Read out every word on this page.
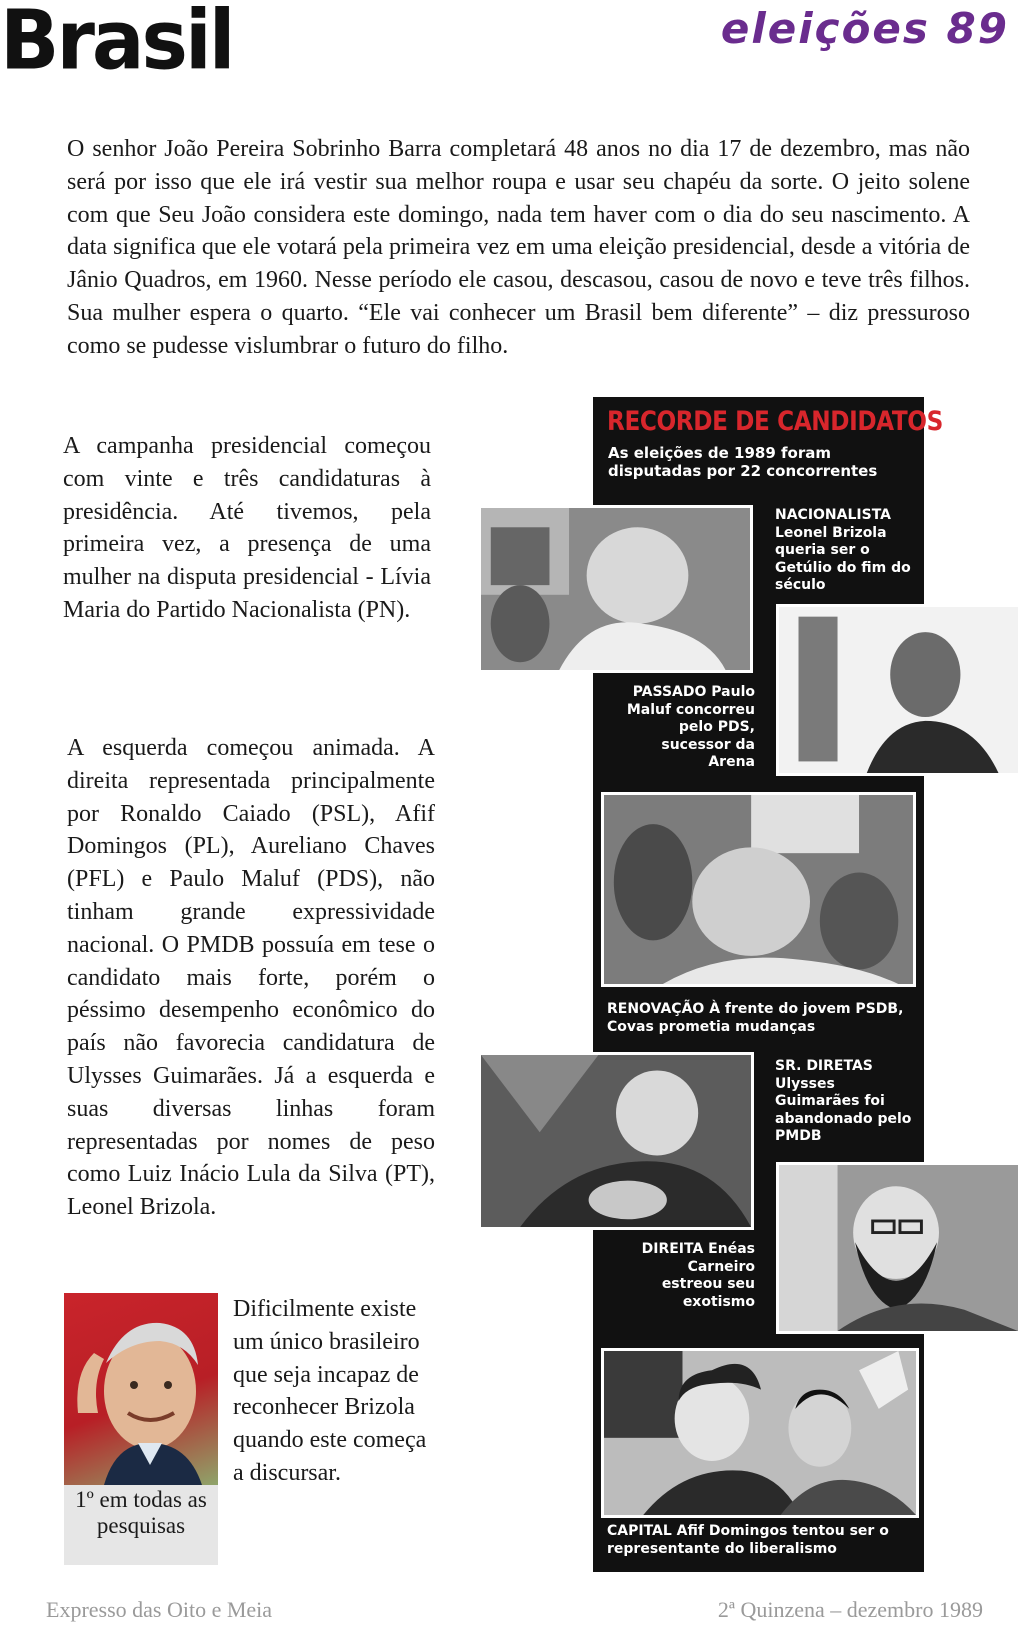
Brasil	eleições 89

O senhor João Pereira Sobrinho Barra completará 48 anos no dia 17 de dezembro, mas não será por isso que ele irá vestir sua melhor roupa e usar seu chapéu da sorte. O jeito solene com que Seu João considera este domingo, nada tem haver com o dia do seu nascimento. A data significa que ele votará pela primeira vez em uma eleição presidencial, desde a vitória de Jânio Quadros, em 1960. Nesse período ele casou, descasou, casou de novo e teve três filhos. Sua mulher espera o quarto. “Ele vai conhecer um Brasil bem diferente” – diz pressuroso como se pudesse vislumbrar o futuro do filho.

A campanha presidencial começou com vinte e três candidaturas à presidência. Até tivemos, pela primeira vez, a presença de uma mulher na disputa presidencial - Lívia Maria do Partido Nacionalista (PN).

A esquerda começou animada. A direita representada principalmente por Ronaldo Caiado (PSL), Afif Domingos (PL), Aureliano Chaves (PFL) e Paulo Maluf (PDS), não tinham grande expressividade nacional. O PMDB possuía em tese o candidato mais forte, porém o péssimo desempenho econômico do país não favorecia candidatura de Ulysses Guimarães. Já a esquerda e suas diversas linhas foram representadas por nomes de peso como Luiz Inácio Lula da Silva (PT), Leonel Brizola.

1º em todas as pesquisas

Dificilmente existe um único brasileiro que seja incapaz de reconhecer Brizola quando este começa a discursar.

RECORDE DE CANDIDATOS
As eleições de 1989 foram disputadas por 22 concorrentes
NACIONALISTA Leonel Brizola queria ser o Getúlio do fim do século
PASSADO Paulo Maluf concorreu pelo PDS, sucessor da Arena
RENOVAÇÃO À frente do jovem PSDB, Covas prometia mudanças
SR. DIRETAS Ulysses Guimarães foi abandonado pelo PMDB
DIREITA Enéas Carneiro estreou seu exotismo
CAPITAL Afif Domingos tentou ser o representante do liberalismo
Expresso das Oito e Meia	2ª Quinzena – dezembro 1989
